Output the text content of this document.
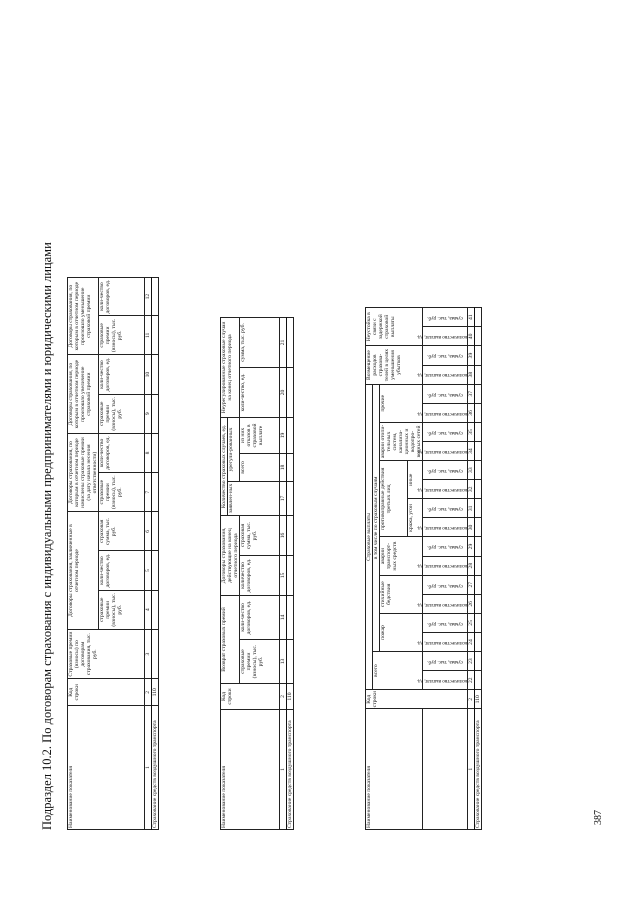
387
Подраздел 10.2. По договорам страхования с индивидуальными предпринимателями и юридическими лицами	Наименование показателя	Код строки	Страховые премии (взносы) по договорам страхования, тыс. руб.	Договоры страхования, заключенные в отчетном периоде			Договоры страхования, по которым в отчетном периоде начислены страховые премии (за дату начала несения ответственности)		Договоры страхования, по которым в отчетном периоде произошло увеличение страховой премии		Договоры страхования, по которым в отчетном периоде произошло уменьшение страховой премии	
			страховые премии (взносы), тыс. руб.	коли-чество договоров, ед.	страховая сумма, тыс. руб.	страховые премии (взносы), тыс. руб.	коли-чество договоров, ед.	страховые премии (взносы), тыс. руб.	коли-чество договоров, ед.	страховые премии (взносы), тыс. руб.	коли-чество договоров, ед.
1	2	3	4	5	6	7	8	9	10	11	12
Страхование средств воздушного транспорта	110										
Наименование показателя	Код строки	Возврат страховых премий		Договоры страхования, действующие на конец отчетного периода		Количество страховых случаев, ед.			Неурегулированные страховые случаи на конец отчетного периода	
						заявлен-ных	урегули-рованных			
		страховые премии (взносы), тыс. руб.	коли-чество договоров, ед.	количество договоров, ед.	страховая сумма, тыс. руб.		всего	из них отказов в страховой выплате	коли-чество, ед.	сумма, тыс. руб.
1	2	13	14	15	16	17	18	19	20	21
Страхование средств воздушного транспорта	110									
Наименование показателя	Код строки	Страховые выплаты																Возмещение расходов страхова-телей в целях уменьшения убытков		Неустойка в связи с задержкой страховой выплаты	
		всего		в том числе по страховым случаям																	
				пожар		стихийные бедствия		аварии транспорт-ных средств		противоправные действия третьих лиц				аварии отопи-тельных систем, канализа-ционных и водопро-водных сетей		прочие					
										кража, угон		иные									

		количество выплат, ед.	сумма, тыс. руб.	количество выплат, ед.	сумма, тыс. руб.	количество выплат, ед.	сумма, тыс. руб.	количество выплат, ед.	сумма, тыс. руб.	количество выплат, ед.	сумма, тыс. руб.	количество выплат, ед.	сумма, тыс. руб.	количество выплат, ед.	сумма, тыс. руб.	количество выплат, ед.	сумма, тыс. руб.	количество выплат, ед.	сумма, тыс. руб.	количество выплат, ед.	сумма, тыс. руб.

1	2	22	23	24	25	26	27	28	29	30	31	32	33	34	35	36	37	38	39	40	41
Страхование средств воздушного транспорта	110																				
